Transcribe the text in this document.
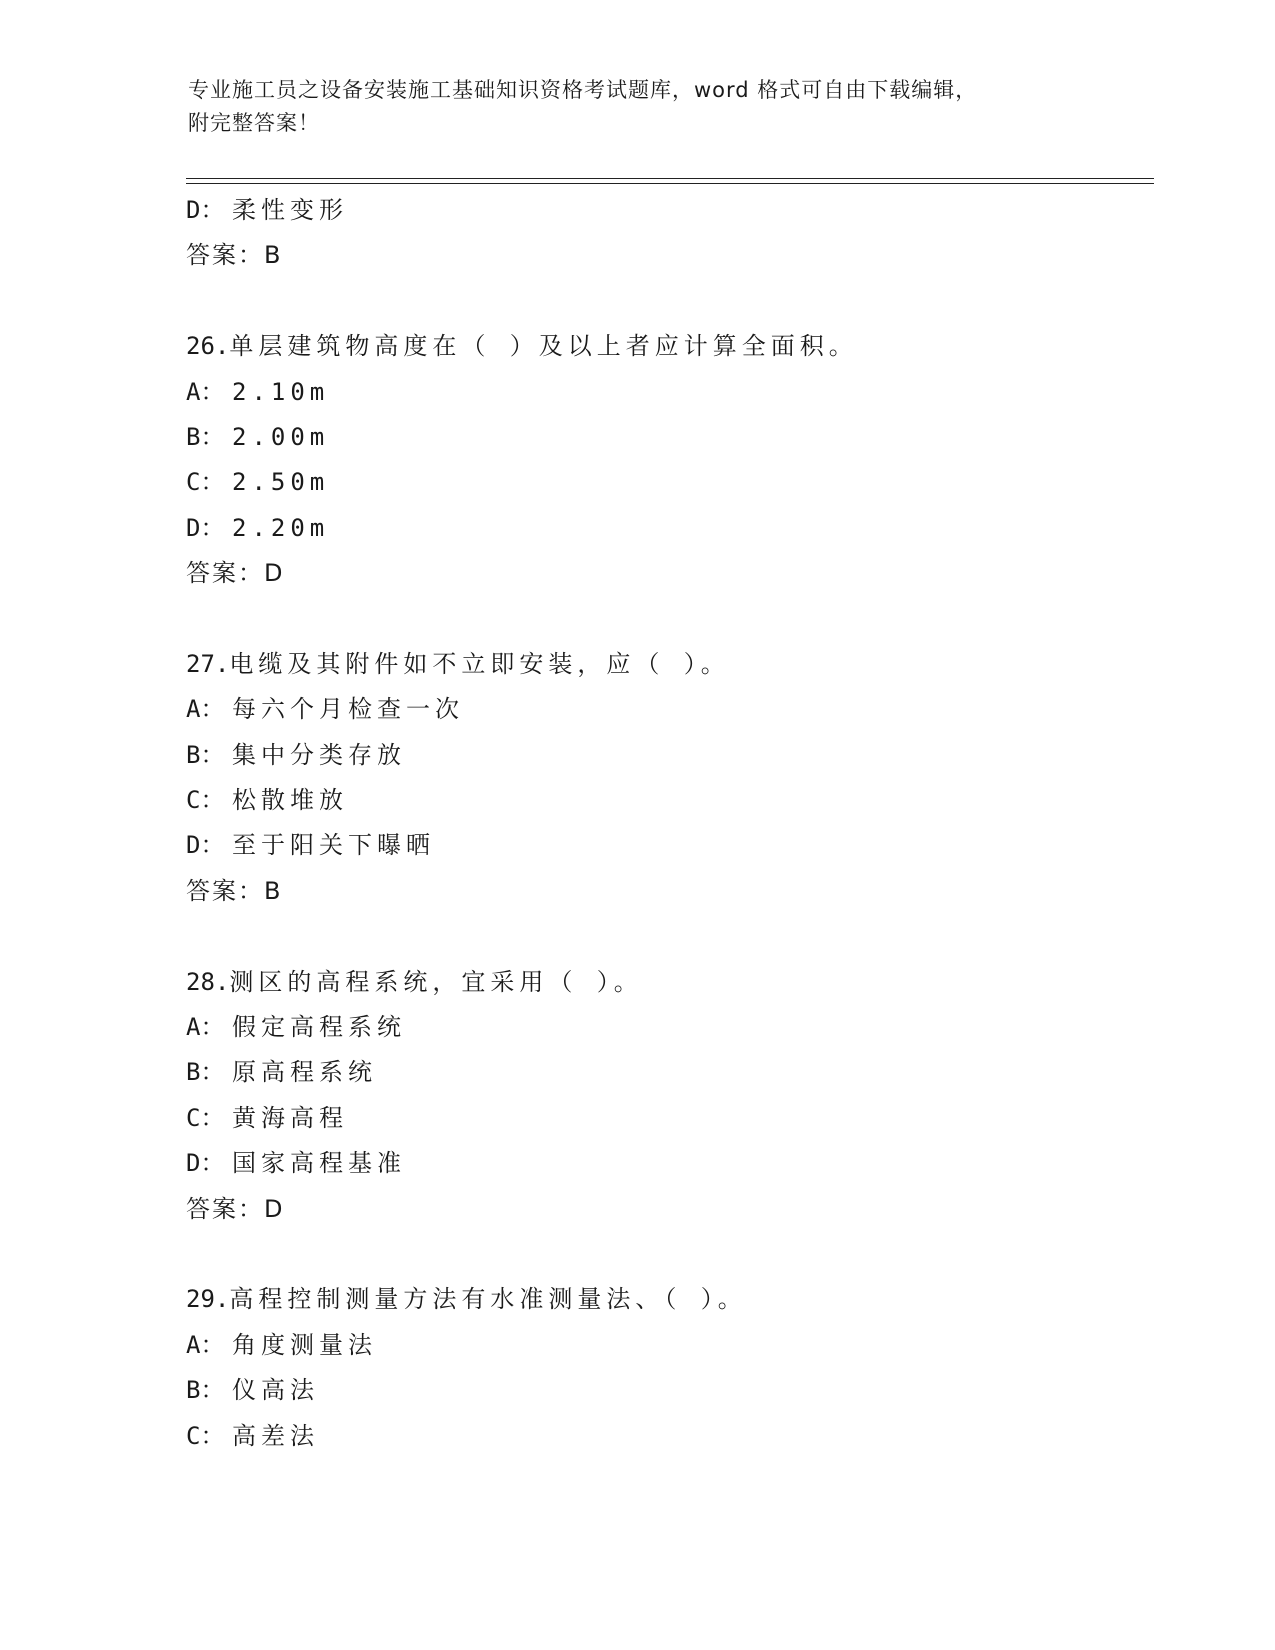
专业施工员之设备安装施工基础知识资格考试题库，word 格式可自由下载编辑，
附完整答案！
D： 柔性变形
答案：B
26.单层建筑物高度在（ ）及以上者应计算全面积。
A： 2.10m
B： 2.00m
C： 2.50m
D： 2.20m
答案：D
27.电缆及其附件如不立即安装，应（ ）。
A： 每六个月检查一次
B： 集中分类存放
C： 松散堆放
D： 至于阳关下曝晒
答案：B
28.测区的高程系统，宜采用（ ）。
A： 假定高程系统
B： 原高程系统
C： 黄海高程
D： 国家高程基准
答案：D
29.高程控制测量方法有水准测量法、（ ）。
A： 角度测量法
B： 仪高法
C： 高差法
